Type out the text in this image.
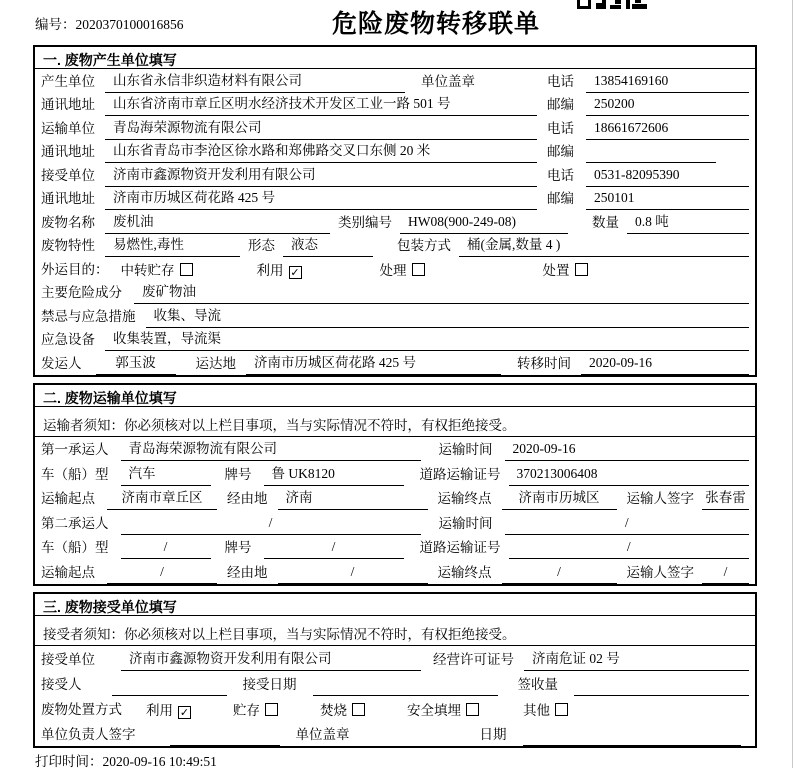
编号：2020370100016856	危险废物转移联单
一. 废物产生单位填写
产生单位	山东省永信非织造材料有限公司	单位盖章	电话	13854169160
通讯地址	山东省济南市章丘区明水经济技术开发区工业一路 501 号	邮编	250200
运输单位	青岛海荣源物流有限公司	电话	18661672606
通讯地址	山东省青岛市李沧区徐水路和郑佛路交叉口东侧 20 米	邮编
接受单位	济南市鑫源物资开发利用有限公司	电话	0531-82095390
通讯地址	济南市历城区荷花路 425 号	邮编	250101
废物名称	废机油	类别编号	HW08(900-249-08)	数量	0.8 吨
废物特性	易燃性,毒性	形态	液态	包装方式	桶(金属,数量 4 )
外运目的： 中转贮存	利用 ✓	处理	处置
主要危险成分	废矿物油
禁忌与应急措施	收集、导流
应急设备	收集装置，导流渠
发运人	郭玉波	运达地	济南市历城区荷花路 425 号	转移时间	2020-09-16
二. 废物运输单位填写
运输者须知：你必须核对以上栏目事项，当与实际情况不符时，有权拒绝接受。
第一承运人	青岛海荣源物流有限公司	运输时间	2020-09-16
车（船）型	汽车	牌号	鲁 UK8120	道路运输证号	370213006408
运输起点	济南市章丘区	经由地	济南	运输终点	济南市历城区	运输人签字 张春雷
第二承运人	/	运输时间	/
车（船）型	/	牌号	/	道路运输证号	/
运输起点	/	经由地	/	运输终点	/	运输人签字	/
三. 废物接受单位填写
接受者须知：你必须核对以上栏目事项，当与实际情况不符时，有权拒绝接受。
接受单位	济南市鑫源物资开发利用有限公司	经营许可证号	济南危证 02 号
接受人	接受日期	签收量
废物处置方式 利用 ✓	贮存	焚烧	安全填埋	其他
单位负责人签字	单位盖章	日期
打印时间：2020-09-16 10:49:51
